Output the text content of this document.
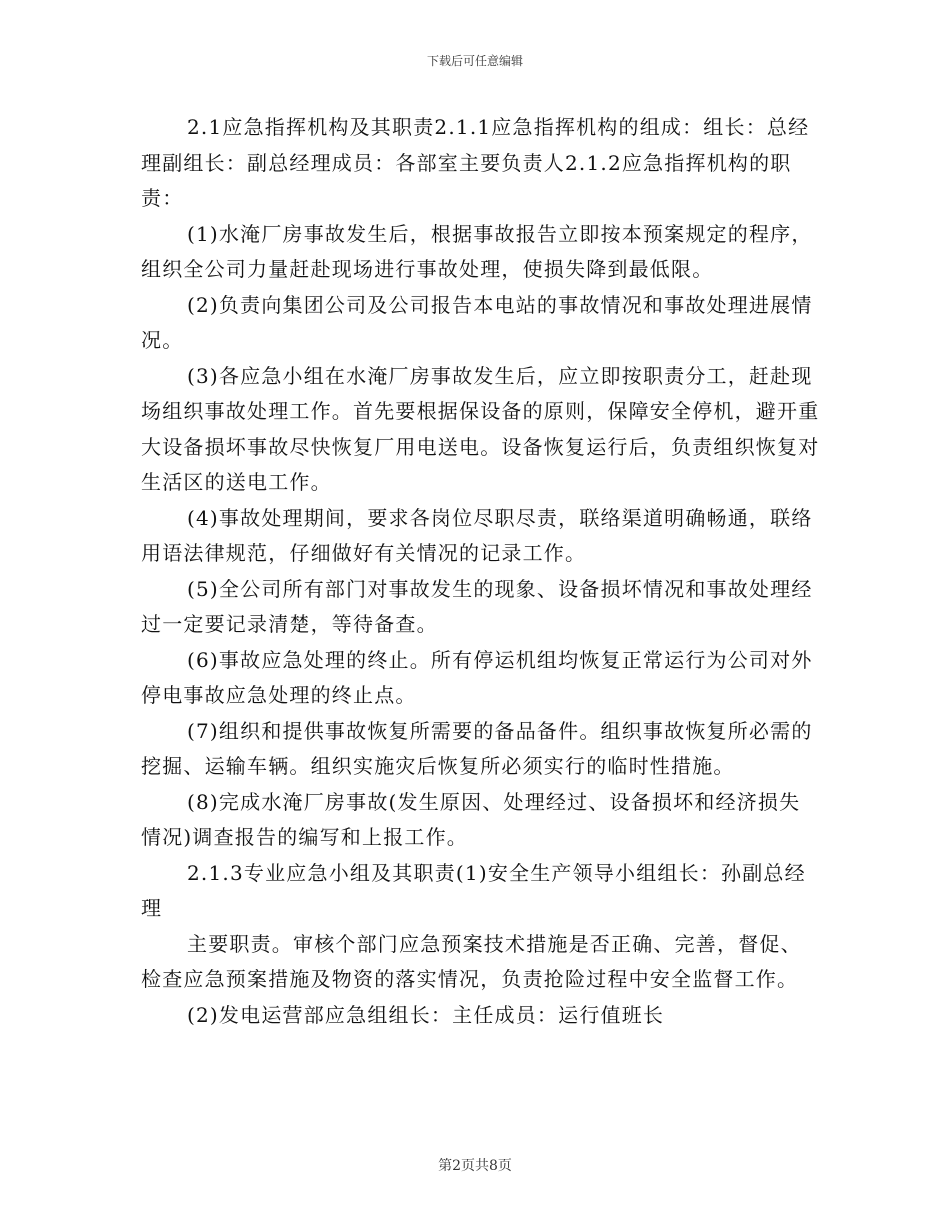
下载后可任意编辑

2.1应急指挥机构及其职责2.1.1应急指挥机构的组成：组长：总经理副组长：副总经理成员：各部室主要负责人2.1.2应急指挥机构的职责：

(1)水淹厂房事故发生后，根据事故报告立即按本预案规定的程序，组织全公司力量赶赴现场进行事故处理，使损失降到最低限。

(2)负责向集团公司及公司报告本电站的事故情况和事故处理进展情况。

(3)各应急小组在水淹厂房事故发生后，应立即按职责分工，赶赴现场组织事故处理工作。首先要根据保设备的原则，保障安全停机，避开重大设备损坏事故尽快恢复厂用电送电。设备恢复运行后，负责组织恢复对生活区的送电工作。

(4)事故处理期间，要求各岗位尽职尽责，联络渠道明确畅通，联络用语法律规范，仔细做好有关情况的记录工作。

(5)全公司所有部门对事故发生的现象、设备损坏情况和事故处理经过一定要记录清楚，等待备查。

(6)事故应急处理的终止。所有停运机组均恢复正常运行为公司对外停电事故应急处理的终止点。

(7)组织和提供事故恢复所需要的备品备件。组织事故恢复所必需的挖掘、运输车辆。组织实施灾后恢复所必须实行的临时性措施。

(8)完成水淹厂房事故(发生原因、处理经过、设备损坏和经济损失情况)调查报告的编写和上报工作。

2.1.3专业应急小组及其职责(1)安全生产领导小组组长：孙副总经理

主要职责。审核个部门应急预案技术措施是否正确、完善，督促、检查应急预案措施及物资的落实情况，负责抢险过程中安全监督工作。

(2)发电运营部应急组组长：主任成员：运行值班长

第2页共8页
